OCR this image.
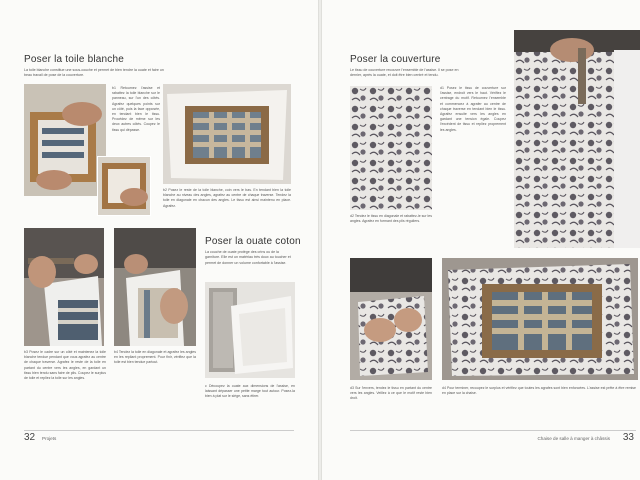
Poser la toile blanche
La toile blanche constitue une sous-couche et permet de bien tendre la ouate et faire un beau travail de pose de la couverture.
b1 Retournez l'assise et rabattez la toile blanche sur le panneau, sur l'un des côtés. Agrafez quelques points sur un côté, puis la face opposée, en tendant bien le tissu. Procédez de même sur les deux autres côtés. Coupez le tissu qui dépasse.
b2 Posez le reste de la toile blanche, coin vers le bas. En tendant bien la toile blanche au niveau des angles, agrafez au centre de chaque traverse. Tendez la toile en diagonale en chacun des angles. Le tissu est ainsi maintenu en place. Agrafez.
Poser la ouate coton
La couche de ouate protège des crins ou de la garniture. Elle est un matériau très doux au toucher et permet de donner un volume confortable à l'assise.
c Découpez la ouate aux dimensions de l'assise, en laissant dépasser une petite marge tout autour. Posez-la bien à plat sur le siège, sans étirer.
b3 Posez le cadre sur un côté et maintenez la toile blanche tendue pendant que vous agrafez au centre de chaque traverse. Agrafez le reste de la toile en partant du centre vers les angles, en gardant un tissu bien tendu sans faire de plis. Coupez le surplus de toile et repliez la toile sur les angles.
b4 Tendez la toile en diagonale et agrafez les angles en les repliant proprement. Pour finir, vérifiez que la toile est bien tendue partout.
32 Projets
Poser la couverture
Le tissu de couverture recouvre l'ensemble de l'assise. Il se pose en dernier, après la ouate, et doit être bien centré et tendu.
d1 Posez le tissu de couverture sur l'assise, endroit vers le haut. Vérifiez le centrage du motif. Retournez l'ensemble et commencez à agrafer au centre de chaque traverse en tendant bien le tissu. Agrafez ensuite vers les angles en gardant une tension égale. Coupez l'excédent de tissu et repliez proprement les angles.
d2 Tendez le tissu en diagonale et rabattez-le sur les angles. Agrafez en formant des plis réguliers.
d3 Sur l'envers, tendez le tissu en partant du centre vers les angles. Veillez à ce que le motif reste bien droit.
d4 Pour terminer, recoupez le surplus et vérifiez que toutes les agrafes sont bien enfoncées. L'assise est prête à être remise en place sur la chaise.
Chaise de salle à manger à châssis 33
